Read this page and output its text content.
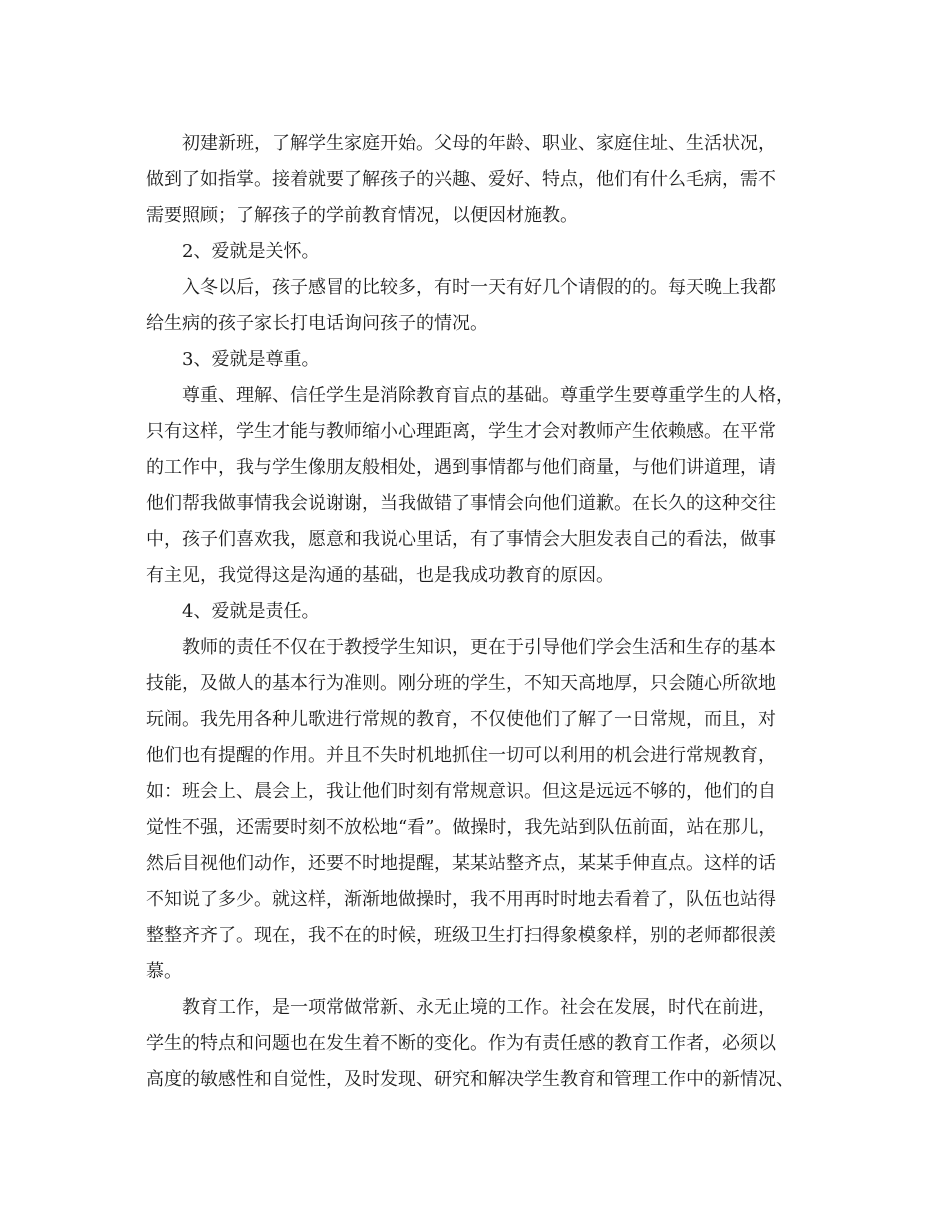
初建新班，了解学生家庭开始。父母的年龄、职业、家庭住址、生活状况，
做到了如指掌。接着就要了解孩子的兴趣、爱好、特点，他们有什么毛病，需不
需要照顾；了解孩子的学前教育情况，以便因材施教。
2、爱就是关怀。
入冬以后，孩子感冒的比较多，有时一天有好几个请假的的。每天晚上我都
给生病的孩子家长打电话询问孩子的情况。
3、爱就是尊重。
尊重、理解、信任学生是消除教育盲点的基础。尊重学生要尊重学生的人格，
只有这样，学生才能与教师缩小心理距离，学生才会对教师产生依赖感。在平常
的工作中，我与学生像朋友般相处，遇到事情都与他们商量，与他们讲道理，请
他们帮我做事情我会说谢谢，当我做错了事情会向他们道歉。在长久的这种交往
中，孩子们喜欢我，愿意和我说心里话，有了事情会大胆发表自己的看法，做事
有主见，我觉得这是沟通的基础，也是我成功教育的原因。
4、爱就是责任。
教师的责任不仅在于教授学生知识，更在于引导他们学会生活和生存的基本
技能，及做人的基本行为准则。刚分班的学生，不知天高地厚，只会随心所欲地
玩闹。我先用各种儿歌进行常规的教育，不仅使他们了解了一日常规，而且，对
他们也有提醒的作用。并且不失时机地抓住一切可以利用的机会进行常规教育，
如：班会上、晨会上，我让他们时刻有常规意识。但这是远远不够的，他们的自
觉性不强，还需要时刻不放松地“看”。做操时，我先站到队伍前面，站在那儿，
然后目视他们动作，还要不时地提醒，某某站整齐点，某某手伸直点。这样的话
不知说了多少。就这样，渐渐地做操时，我不用再时时地去看着了，队伍也站得
整整齐齐了。现在，我不在的时候，班级卫生打扫得象模象样，别的老师都很羡
慕。
教育工作，是一项常做常新、永无止境的工作。社会在发展，时代在前进，
学生的特点和问题也在发生着不断的变化。作为有责任感的教育工作者，必须以
高度的敏感性和自觉性，及时发现、研究和解决学生教育和管理工作中的新情况、
